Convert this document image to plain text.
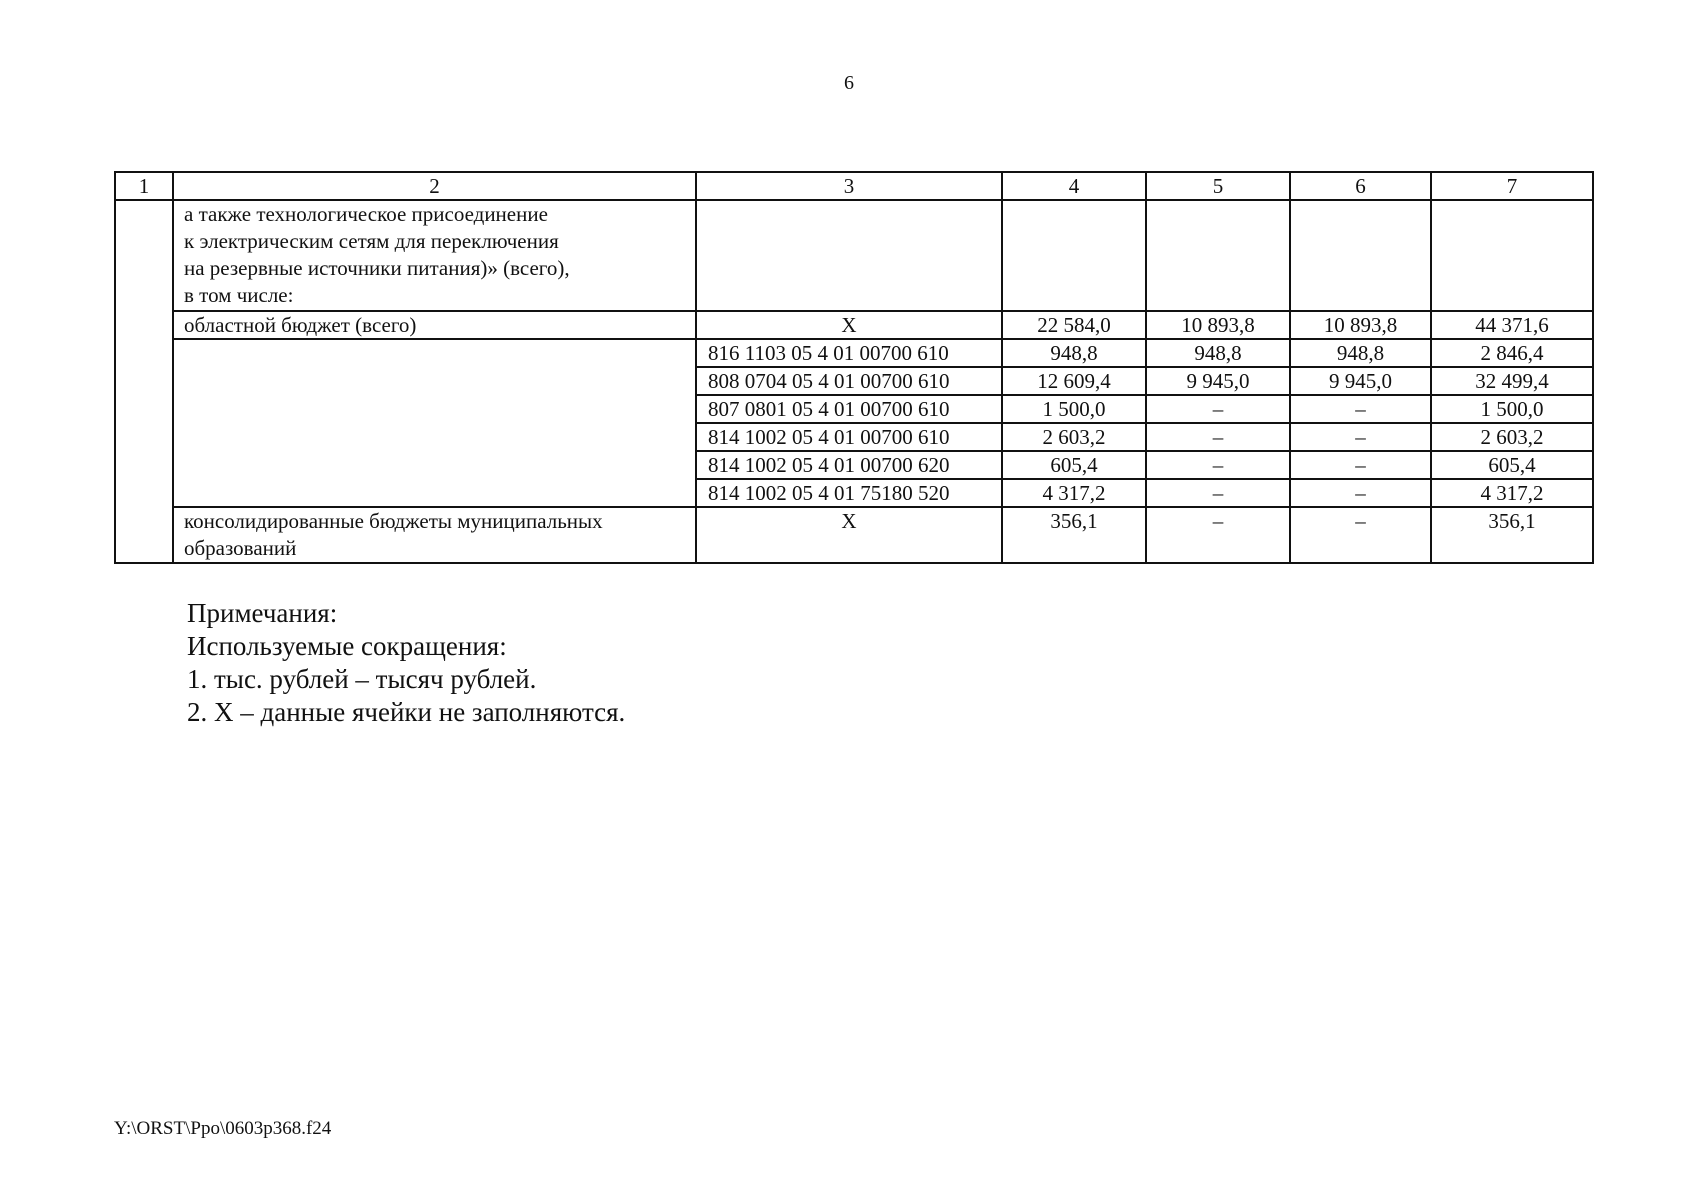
6
1	2	3	4	5	6	7

	а также технологическое присоединение
к электрическим сетям для переключения
на резервные источники питания)» (всего),
в том числе:					

	областной бюджет (всего)	Х	22 584,0	10 893,8	10 893,8	44 371,6
		816 1103 05 4 01 00700 610	948,8	948,8	948,8	2 846,4
		808 0704 05 4 01 00700 610	12 609,4	9 945,0	9 945,0	32 499,4
		807 0801 05 4 01 00700 610	1 500,0	–	–	1 500,0
		814 1002 05 4 01 00700 610	2 603,2	–	–	2 603,2
		814 1002 05 4 01 00700 620	605,4	–	–	605,4
		814 1002 05 4 01 75180 520	4 317,2	–	–	4 317,2

	консолидированные бюджеты муниципальных
образований	Х	356,1	–	–	356,1
Примечания:
Используемые сокращения:
1. тыс. рублей – тысяч рублей.
2. Х – данные ячейки не заполняются.
Y:\ORST\Ppo\0603p368.f24
